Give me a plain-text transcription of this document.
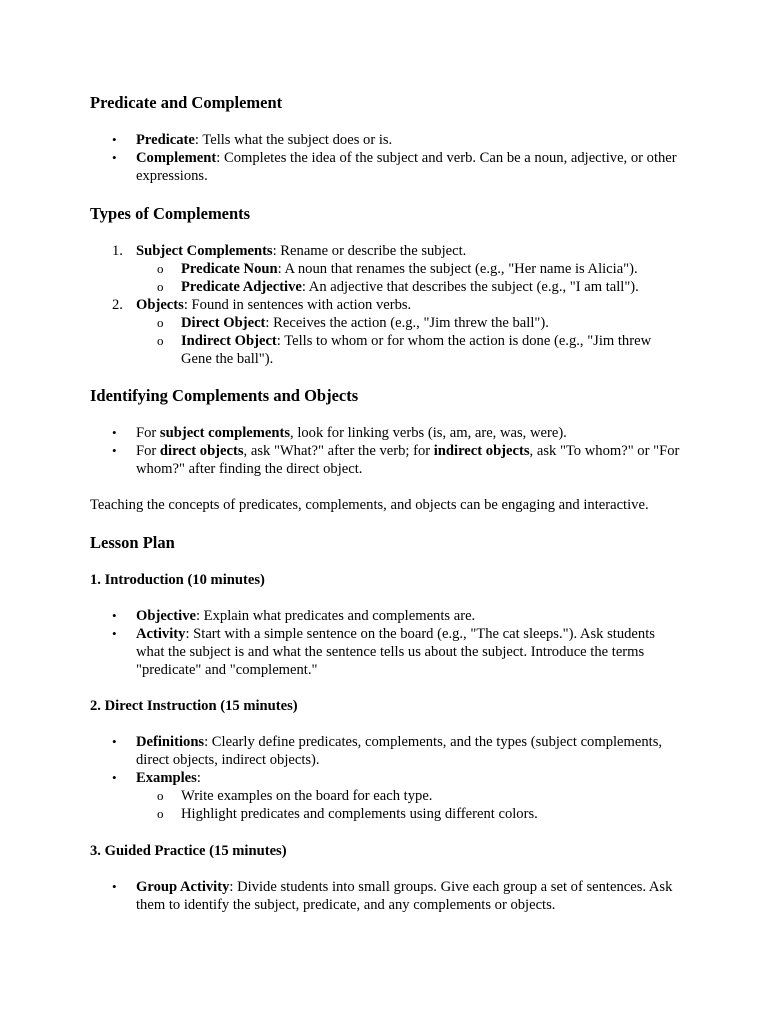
Predicate and Complement
• Predicate: Tells what the subject does or is.
• Complement: Completes the idea of the subject and verb. Can be a noun, adjective, or other expressions.
Types of Complements
1. Subject Complements: Rename or describe the subject.
o Predicate Noun: A noun that renames the subject (e.g., "Her name is Alicia").
o Predicate Adjective: An adjective that describes the subject (e.g., "I am tall").
2. Objects: Found in sentences with action verbs.
o Direct Object: Receives the action (e.g., "Jim threw the ball").
o Indirect Object: Tells to whom or for whom the action is done (e.g., "Jim threw Gene the ball").
Identifying Complements and Objects
• For subject complements, look for linking verbs (is, am, are, was, were).
• For direct objects, ask "What?" after the verb; for indirect objects, ask "To whom?" or "For whom?" after finding the direct object.

Teaching the concepts of predicates, complements, and objects can be engaging and interactive.

Lesson Plan
1. Introduction (10 minutes)
• Objective: Explain what predicates and complements are.
• Activity: Start with a simple sentence on the board (e.g., "The cat sleeps."). Ask students what the subject is and what the sentence tells us about the subject. Introduce the terms "predicate" and "complement."
2. Direct Instruction (15 minutes)
• Definitions: Clearly define predicates, complements, and the types (subject complements, direct objects, indirect objects).
• Examples:
o Write examples on the board for each type.
o Highlight predicates and complements using different colors.
3. Guided Practice (15 minutes)
• Group Activity: Divide students into small groups. Give each group a set of sentences. Ask them to identify the subject, predicate, and any complements or objects.
